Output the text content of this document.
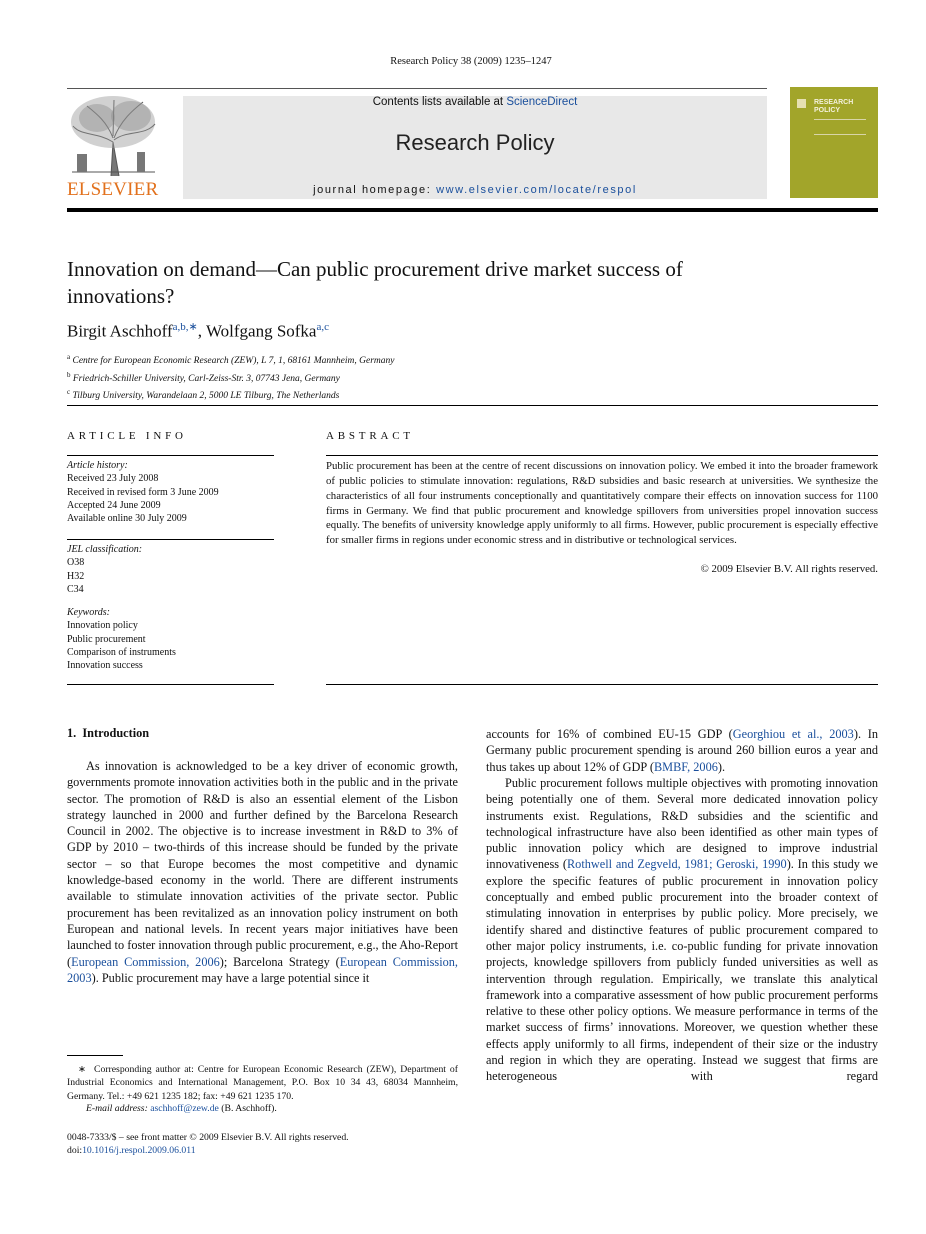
Research Policy 38 (2009) 1235–1247
ELSEVIER
Contents lists available at ScienceDirect
Research Policy
journal homepage: www.elsevier.com/locate/respol
RESEARCH POLICY
Innovation on demand—Can public procurement drive market success of innovations?
Birgit Aschhoff$^{a,b,∗}$, Wolfgang Sofka$^{a,c}$
$^a$ Centre for European Economic Research (ZEW), L 7, 1, 68161 Mannheim, Germany
$^b$ Friedrich-Schiller University, Carl-Zeiss-Str. 3, 07743 Jena, Germany
$^c$ Tilburg University, Warandelaan 2, 5000 LE Tilburg, The Netherlands
ARTICLE INFO
Article history:
Received 23 July 2008
Received in revised form 3 June 2009
Accepted 24 June 2009
Available online 30 July 2009
JEL classification:
O38
H32
C34
Keywords:
Innovation policy
Public procurement
Comparison of instruments
Innovation success
ABSTRACT
Public procurement has been at the centre of recent discussions on innovation policy. We embed it into the broader framework of public policies to stimulate innovation: regulations, R&D subsidies and basic research at universities. We synthesize the characteristics of all four instruments conceptionally and quantitatively compare their effects on innovation success for 1100 firms in Germany. We find that public procurement and knowledge spillovers from universities propel innovation success equally. The benefits of university knowledge apply uniformly to all firms. However, public procurement is especially effective for smaller firms in regions under economic stress and in distributive or technological services.
© 2009 Elsevier B.V. All rights reserved.
1.  Introduction
As innovation is acknowledged to be a key driver of economic growth, governments promote innovation activities both in the public and in the private sector. The promotion of R&D is also an essential element of the Lisbon strategy launched in 2000 and further defined by the Barcelona Research Council in 2002. The objective is to increase investment in R&D to 3% of GDP by 2010 – two-thirds of this increase should be funded by the private sector – so that Europe becomes the most competitive and dynamic knowledge-based economy in the world. There are different instruments available to stimulate innovation activities of the private sector. Public procurement has been revitalized as an innovation policy instrument on both European and national levels. In recent years major initiatives have been launched to foster innovation through public procurement, e.g., the Aho-Report (European Commission, 2006); Barcelona Strategy (European Commission, 2003). Public procurement may have a large potential since it
∗ Corresponding author at: Centre for European Economic Research (ZEW), Department of Industrial Economics and International Management, P.O. Box 10 34 43, 68034 Mannheim, Germany. Tel.: +49 621 1235 182; fax: +49 621 1235 170.
E-mail address: aschhoff@zew.de (B. Aschhoff).
0048-7333/$ – see front matter © 2009 Elsevier B.V. All rights reserved.
doi:10.1016/j.respol.2009.06.011
accounts for 16% of combined EU-15 GDP (Georghiou et al., 2003). In Germany public procurement spending is around 260 billion euros a year and thus takes up about 12% of GDP (BMBF, 2006).
Public procurement follows multiple objectives with promoting innovation being potentially one of them. Several more dedicated innovation policy instruments exist. Regulations, R&D subsidies and the scientific and technological infrastructure have also been identified as other main types of public innovation policy which are designed to improve industrial innovativeness (Rothwell and Zegveld, 1981; Geroski, 1990). In this study we explore the specific features of public procurement in innovation policy conceptually and embed public procurement into the broader context of stimulating innovation in enterprises by public policy. More precisely, we identify shared and distinctive features of public procurement compared to other major policy instruments, i.e. co-public funding for private innovation projects, knowledge spillovers from publicly funded universities as well as intervention through regulation. Empirically, we translate this analytical framework into a comparative assessment of how public procurement performs relative to these other policy options. We measure performance in terms of the market success of firms’ innovations. Moreover, we question whether these effects apply uniformly to all firms, independent of their size or the industry and region in which they are operating. Instead we suggest that firms are heterogeneous with regard
